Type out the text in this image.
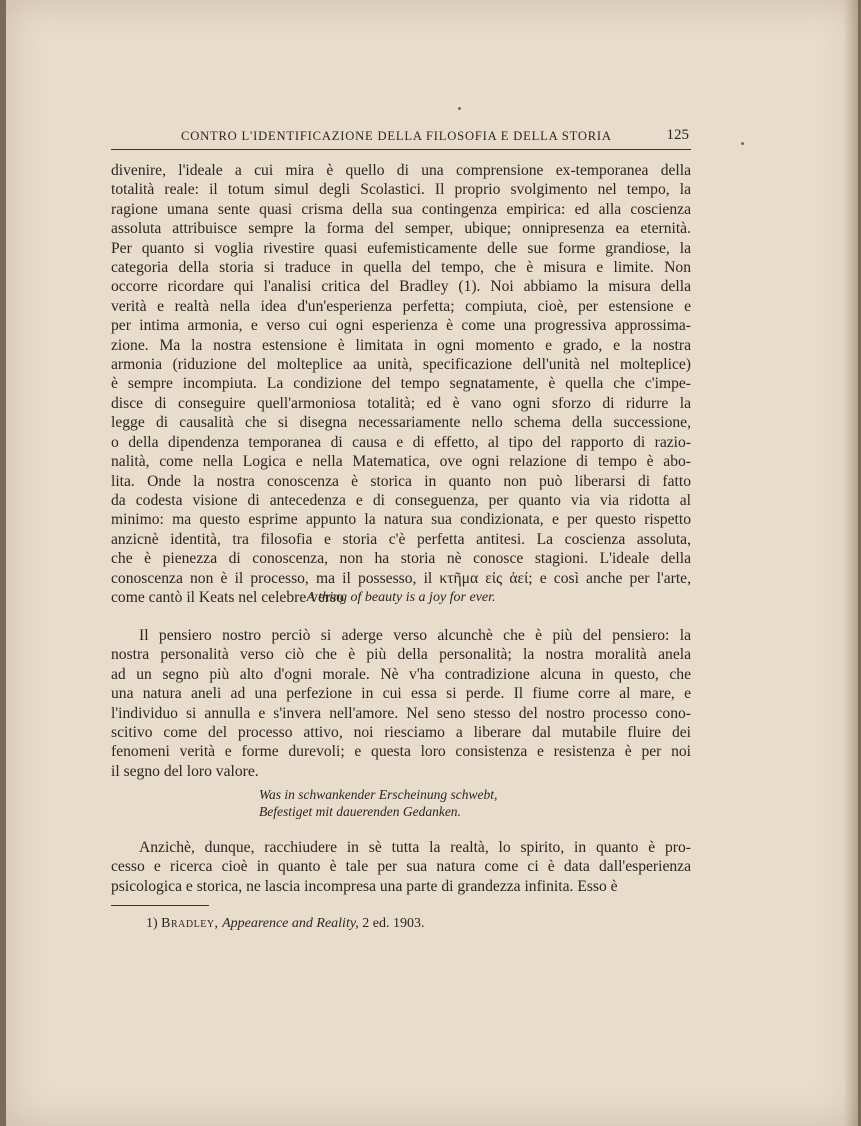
CONTRO L'IDENTIFICAZIONE DELLA FILOSOFIA E DELLA STORIA	125
divenire, l'ideale a cui mira è quello di una comprensione ex-temporanea della
totalità reale: il totum simul degli Scolastici. Il proprio svolgimento nel tempo, la
ragione umana sente quasi crisma della sua contingenza empirica: ed alla coscienza
assoluta attribuisce sempre la forma del semper, ubique; onnipresenza ea eternità.
Per quanto si voglia rivestire quasi eufemisticamente delle sue forme grandiose, la
categoria della storia si traduce in quella del tempo, che è misura e limite. Non
occorre ricordare qui l'analisi critica del Bradley (1). Noi abbiamo la misura della
verità e realtà nella idea d'un'esperienza perfetta; compiuta, cioè, per estensione e
per intima armonia, e verso cui ogni esperienza è come una progressiva approssima-
zione. Ma la nostra estensione è limitata in ogni momento e grado, e la nostra
armonia (riduzione del molteplice aa unità, specificazione dell'unità nel molteplice)
è sempre incompiuta. La condizione del tempo segnatamente, è quella che c'impe-
disce di conseguire quell'armoniosa totalità; ed è vano ogni sforzo di ridurre la
legge di causalità che si disegna necessariamente nello schema della successione,
o della dipendenza temporanea di causa e di effetto, al tipo del rapporto di razio-
nalità, come nella Logica e nella Matematica, ove ogni relazione di tempo è abo-
lita. Onde la nostra conoscenza è storica in quanto non può liberarsi di fatto
da codesta visione di antecedenza e di conseguenza, per quanto via via ridotta al
minimo: ma questo esprime appunto la natura sua condizionata, e per questo rispetto
anzicnè identità, tra filosofia e storia c'è perfetta antitesi. La coscienza assoluta,
che è pienezza di conoscenza, non ha storia nè conosce stagioni. L'ideale della
conoscenza non è il processo, ma il possesso, il κτῆμα εἰς ἀεί; e così anche per l'arte,
come cantò il Keats nel celebre verso
A thing of beauty is a joy for ever.
Il pensiero nostro perciò si aderge verso alcunchè che è più del pensiero: la
nostra personalità verso ciò che è più della personalità; la nostra moralità anela
ad un segno più alto d'ogni morale. Nè v'ha contradizione alcuna in questo, che
una natura aneli ad una perfezione in cui essa si perde. Il fiume corre al mare, e
l'individuo si annulla e s'invera nell'amore. Nel seno stesso del nostro processo cono-
scitivo come del processo attivo, noi riesciamo a liberare dal mutabile fluire dei
fenomeni verità e forme durevoli; e questa loro consistenza e resistenza è per noi
il segno del loro valore.
Was in schwankender Erscheinung schwebt,
Befestiget mit dauerenden Gedanken.
Anzichè, dunque, racchiudere in sè tutta la realtà, lo spirito, in quanto è pro-
cesso e ricerca cioè in quanto è tale per sua natura come ci è data dall'esperienza
psicologica e storica, ne lascia incompresa una parte di grandezza infinita. Esso è
1) Bradley, Appearence and Reality, 2 ed. 1903.
